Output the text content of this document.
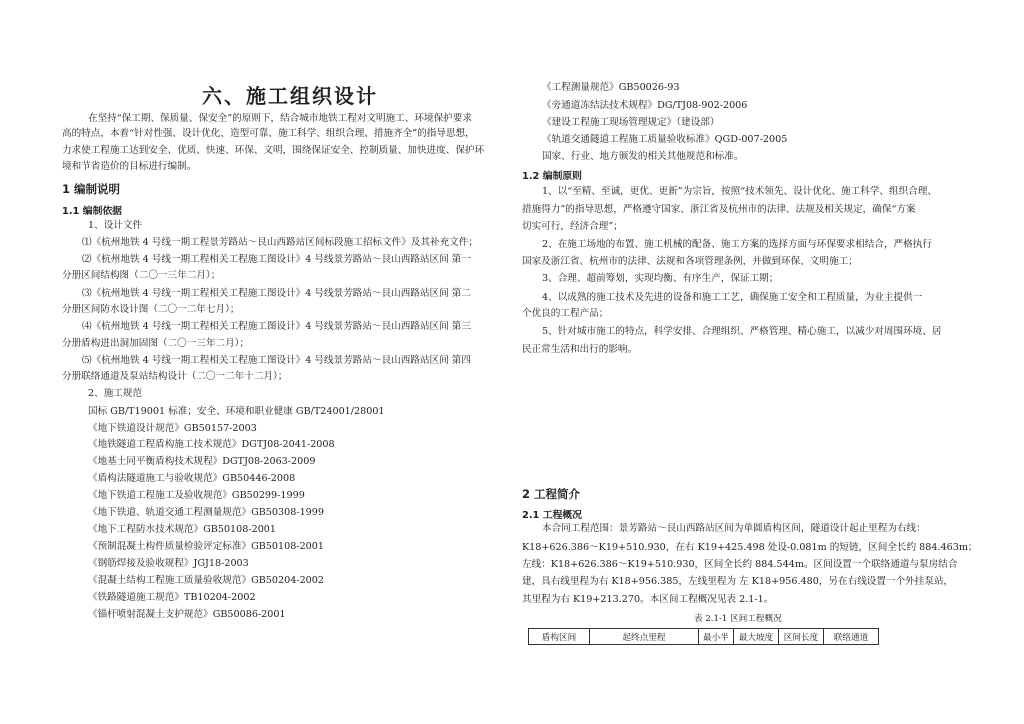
六、施工组织设计
在坚持“保工期、保质量、保安全”的原则下，结合城市地铁工程对文明施工、环境保护要求
高的特点，本着“针对性强、设计优化、造型可靠、施工科学、组织合理、措施齐全”的指导思想，
力求使工程施工达到安全、优质、快速、环保、文明，围绕保证安全、控制质量、加快进度、保护环
境和节省造价的目标进行编制。
1 编制说明
1.1 编制依据
1、设计文件
⑴《杭州地铁 4 号线一期工程景芳路站～艮山西路站区间标段施工招标文件》及其补充文件；
⑵《杭州地铁 4 号线一期工程相关工程施工图设计》4 号线景芳路站～艮山西路站区间 第一
分册区间结构图（二〇一三年二月）；
⑶《杭州地铁 4 号线一期工程相关工程施工图设计》4 号线景芳路站～艮山西路站区间 第二
分册区间防水设计图（二〇一二年七月）；
⑷《杭州地铁 4 号线一期工程相关工程施工图设计》4 号线景芳路站～艮山西路站区间 第三
分册盾构进出洞加固图（二〇一三年二月）；
⑸《杭州地铁 4 号线一期工程相关工程施工图设计》4 号线景芳路站～艮山西路站区间 第四
分册联络通道及泵站结构设计（二〇一二年十二月）；
2、施工规范
国标 GB/T19001 标准；安全、环境和职业健康 GB/T24001/28001
《地下铁道设计规范》GB50157-2003
《地铁隧道工程盾构施工技术规范》DGTJ08-2041-2008
《地基土同平衡盾构技术规程》DGTJ08-2063-2009
《盾构法隧道施工与验收规范》GB50446-2008
《地下铁道工程施工及验收规范》GB50299-1999
《地下铁道、轨道交通工程测量规范》GB50308-1999
《地下工程防水技术规范》GB50108-2001
《预制混凝土构件质量检验评定标准》GB50108-2001
《钢筋焊接及验收规程》JGJ18-2003
《混凝土结构工程施工质量验收规范》GB50204-2002
《铁路隧道施工规范》TB10204-2002
《锚杆喷射混凝土支护规范》GB50086-2001
《工程测量规范》GB50026-93
《旁通道冻结法技术规程》DG/TJ08-902-2006
《建设工程施工现场管理规定》（建设部）
《轨道交通隧道工程施工质量验收标准》QGD-007-2005
国家、行业、地方颁发的相关其他规范和标准。
1.2 编制原则
1、以“至精、至诚，更优、更新”为宗旨，按照“技术领先、设计优化、施工科学、组织合理、
措施得力”的指导思想，严格遵守国家、浙江省及杭州市的法律、法规及相关规定，确保“方案
切实可行，经济合理”；
2、在施工场地的布置、施工机械的配备、施工方案的选择方面与环保要求相结合，严格执行
国家及浙江省、杭州市的法律、法规和各项管理条例，并做到环保、文明施工；
3、合理、超前筹划，实现均衡、有序生产，保证工期；
4、以成熟的施工技术及先进的设备和施工工艺，确保施工安全和工程质量，为业主提供一
个优良的工程产品；
5、针对城市施工的特点，科学安排、合理组织、严格管理、精心施工，以减少对周围环境、居
民正常生活和出行的影响。
2 工程简介
2.1 工程概况
本合同工程范围：景芳路站～艮山西路站区间为单圆盾构区间，隧道设计起止里程为右线：
K18+626.386～K19+510.930，在右 K19+425.498 处设-0.081m 的短链，区间全长约 884.463m；
左线：K18+626.386～K19+510.930，区间全长约 884.544m。区间设置一个联络通道与泵房结合
建，具右线里程为右 K18+956.385，左线里程为 左 K18+956.480，另在右线设置一个外挂泵站，
其里程为右 K19+213.270。本区间工程概况见表 2.1-1。
表 2.1-1 区间工程概况
盾构区间	起终点里程	最小半	最大坡度	区间长度	联络通道
